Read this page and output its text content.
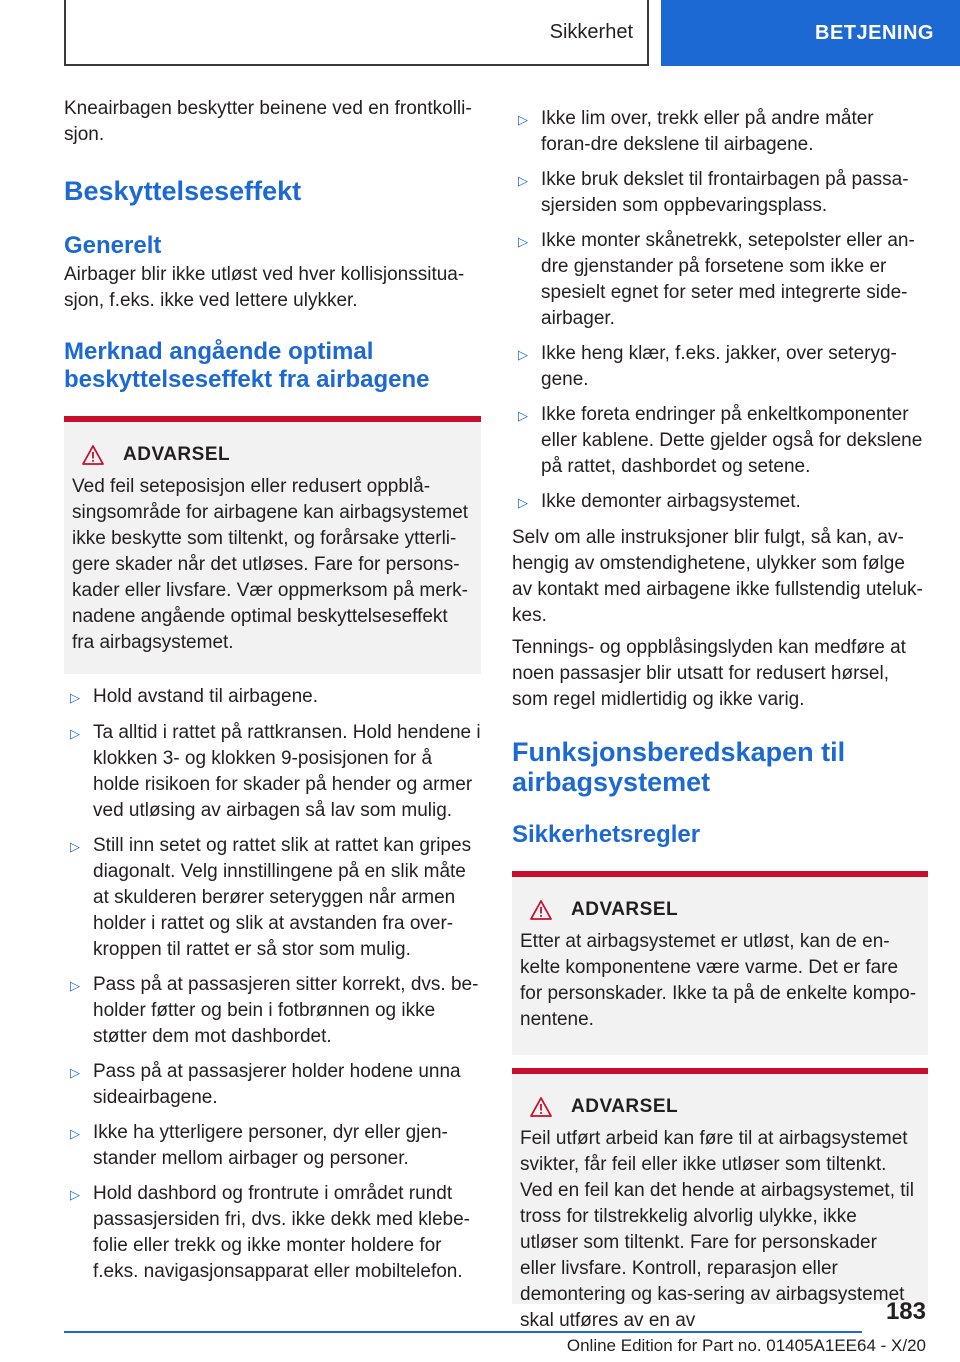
Sikkerhet	BETJENING

Kneairbagen beskytter beinene ved en frontkolli-sjon.

Beskyttelseseffekt
Generelt

Airbager blir ikke utløst ved hver kollisjonssitua-sjon, f.eks. ikke ved lettere ulykker.

Merknad angående optimal
beskyttelseseffekt fra airbagene
ADVARSEL

Ved feil seteposisjon eller redusert oppblå-singsområde for airbagene kan airbagsystemet ikke beskytte som tiltenkt, og forårsake ytterli-gere skader når det utløses. Fare for persons-kader eller livsfare. Vær oppmerksom på merk-nadene angående optimal beskyttelseseffekt fra airbagsystemet.

▷ Hold avstand til airbagene.
▷ Ta alltid i rattet på rattkransen. Hold hendene i klokken 3- og klokken 9-posisjonen for å holde risikoen for skader på hender og armer ved utløsing av airbagen så lav som mulig.
▷ Still inn setet og rattet slik at rattet kan gripes diagonalt. Velg innstillingene på en slik måte at skulderen berører seteryggen når armen holder i rattet og slik at avstanden fra over-kroppen til rattet er så stor som mulig.
▷ Pass på at passasjeren sitter korrekt, dvs. be-holder føtter og bein i fotbrønnen og ikke støtter dem mot dashbordet.
▷ Pass på at passasjerer holder hodene unna sideairbagene.
▷ Ikke ha ytterligere personer, dyr eller gjen-stander mellom airbager og personer.
▷ Hold dashbord og frontrute i området rundt passasjersiden fri, dvs. ikke dekk med klebe-folie eller trekk og ikke monter holdere for f.eks. navigasjonsapparat eller mobiltelefon.
▷ Ikke lim over, trekk eller på andre måter foran-dre dekslene til airbagene.
▷ Ikke bruk dekslet til frontairbagen på passa-sjersiden som oppbevaringsplass.
▷ Ikke monter skånetrekk, setepolster eller an-dre gjenstander på forsetene som ikke er spesielt egnet for seter med integrerte side-airbager.
▷ Ikke heng klær, f.eks. jakker, over seteryg-gene.
▷ Ikke foreta endringer på enkeltkomponenter eller kablene. Dette gjelder også for dekslene på rattet, dashbordet og setene.
▷ Ikke demonter airbagsystemet.

Selv om alle instruksjoner blir fulgt, så kan, av-hengig av omstendighetene, ulykker som følge av kontakt med airbagene ikke fullstendig uteluk-kes.

Tennings- og oppblåsingslyden kan medføre at noen passasjer blir utsatt for redusert hørsel, som regel midlertidig og ikke varig.

Funksjonsberedskapen til
airbagsystemet
Sikkerhetsregler
ADVARSEL

Etter at airbagsystemet er utløst, kan de en-kelte komponentene være varme. Det er fare for personskader. Ikke ta på de enkelte kompo-nentene.

ADVARSEL

Feil utført arbeid kan føre til at airbagsystemet svikter, får feil eller ikke utløser som tiltenkt. Ved en feil kan det hende at airbagsystemet, til tross for tilstrekkelig alvorlig ulykke, ikke utløser som tiltenkt. Fare for personskader eller livsfare. Kontroll, reparasjon eller demontering og kas-sering av airbagsystemet skal utføres av en av	183
Online Edition for Part no. 01405A1EE64 - X/20
